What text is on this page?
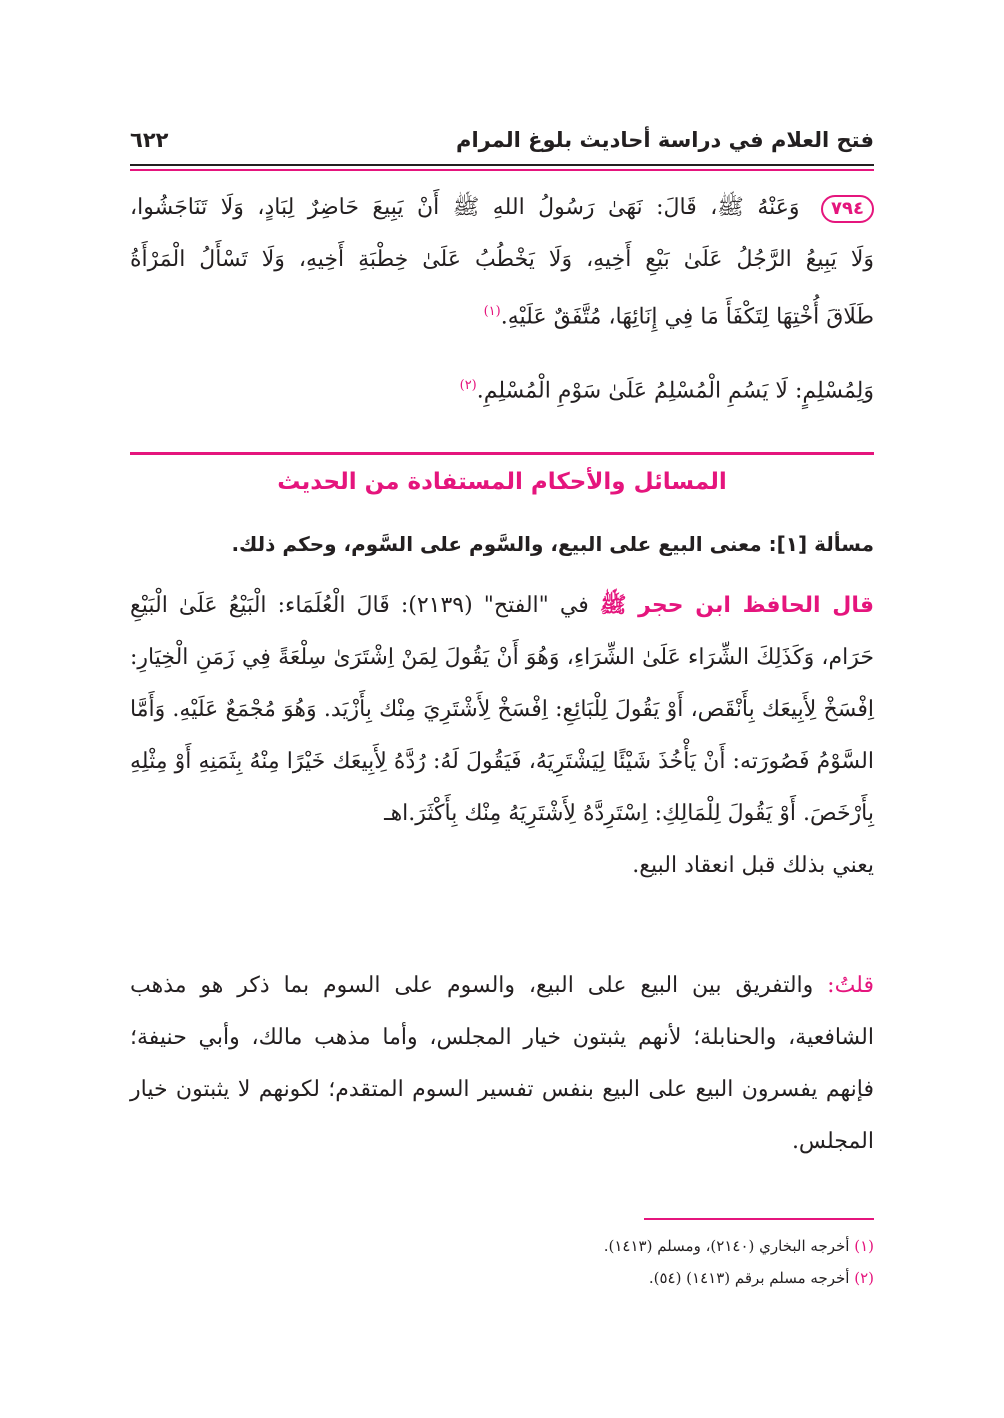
فتح العلام في دراسة أحاديث بلوغ المرام
٦٢٢
٧٩٤ وَعَنْهُ ﷺ، قَالَ: نَهَىٰ رَسُولُ اللهِ ﷺ أَنْ يَبِيعَ حَاضِرٌ لِبَادٍ، وَلَا تَنَاجَشُوا،
وَلَا يَبِيعُ الرَّجُلُ عَلَىٰ بَيْعِ أَخِيهِ، وَلَا يَخْطُبُ عَلَىٰ خِطْبَةِ أَخِيهِ، وَلَا تَسْأَلُ الْمَرْأَةُ
طَلَاقَ أُخْتِهَا لِتَكْفَأَ مَا فِي إِنَائِهَا، مُتَّفَقٌ عَلَيْهِ.$^{(١)}$
وَلِمُسْلِمٍ: لَا يَسُمِ الْمُسْلِمُ عَلَىٰ سَوْمِ الْمُسْلِمِ.$^{(٢)}$
المسائل والأحكام المستفادة من الحديث
مسألة [١]: معنى البيع على البيع، والسَّوم على السَّوم، وحكم ذلك.
قال الحافظ ابن حجر ﷺ في "الفتح" (٢١٣٩): قَالَ الْعُلَمَاء: الْبَيْعُ عَلَىٰ الْبَيْعِ حَرَام، وَكَذَلِكَ الشِّرَاء عَلَىٰ الشِّرَاءِ، وَهُوَ أَنْ يَقُولَ لِمَنْ اِشْتَرَىٰ سِلْعَةً فِي زَمَنِ الْخِيَارِ: اِفْسَخْ لِأَبِيعَك بِأَنْقَص، أَوْ يَقُولَ لِلْبَائِعِ: اِفْسَخْ لِأَشْتَرِيَ مِنْك بِأَزْيَد. وَهُوَ مُجْمَعٌ عَلَيْهِ. وَأَمَّا السَّوْمُ فَصُورَته: أَنْ يَأْخُذَ شَيْئًا لِيَشْتَرِيَهُ، فَيَقُولَ لَهُ: رُدَّهُ لِأَبِيعَك خَيْرًا مِنْهُ بِثَمَنِهِ أَوْ مِثْلِهِ بِأَرْخَصَ. أَوْ يَقُولَ لِلْمَالِكِ: اِسْتَرِدَّهُ لِأَشْتَرِيَهُ مِنْك بِأَكْثَرَ.اهـ
يعني بذلك قبل انعقاد البيع.
قلتُ: والتفريق بين البيع على البيع، والسوم على السوم بما ذكر هو مذهب الشافعية، والحنابلة؛ لأنهم يثبتون خيار المجلس، وأما مذهب مالك، وأبي حنيفة؛ فإنهم يفسرون البيع على البيع بنفس تفسير السوم المتقدم؛ لكونهم لا يثبتون خيار المجلس.
(١) أخرجه البخاري (٢١٤٠)، ومسلم (١٤١٣).
(٢) أخرجه مسلم برقم (١٤١٣) (٥٤).
